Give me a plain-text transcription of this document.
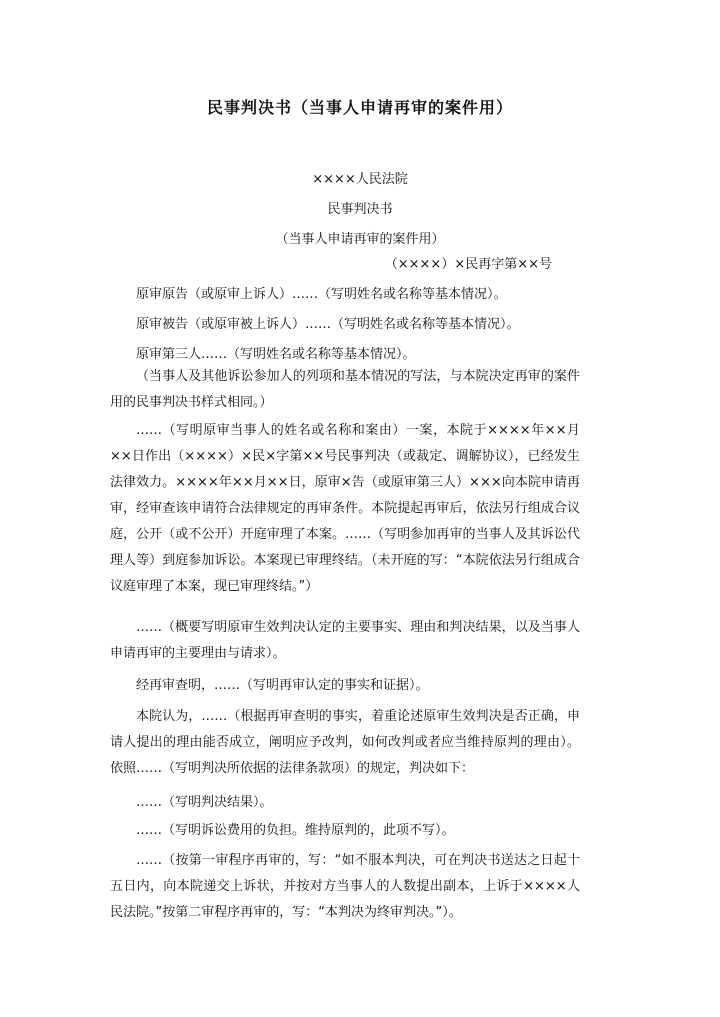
民事判决书（当事人申请再审的案件用）
××××人民法院
民事判决书
（当事人申请再审的案件用）
（××××）×民再字第××号
原审原告（或原审上诉人）……（写明姓名或名称等基本情况）。
原审被告（或原审被上诉人）……（写明姓名或名称等基本情况）。
原审第三人……（写明姓名或名称等基本情况）。
（当事人及其他诉讼参加人的列项和基本情况的写法，与本院决定再审的案件用的民事判决书样式相同。）
……（写明原审当事人的姓名或名称和案由）一案，本院于××××年××月××日作出（××××）×民×字第××号民事判决（或裁定、调解协议），已经发生法律效力。××××年××月××日，原审×告（或原审第三人）×××向本院申请再审，经审查该申请符合法律规定的再审条件。本院提起再审后，依法另行组成合议庭，公开（或不公开）开庭审理了本案。……（写明参加再审的当事人及其诉讼代理人等）到庭参加诉讼。本案现已审理终结。（未开庭的写：“本院依法另行组成合议庭审理了本案，现已审理终结。”）
……（概要写明原审生效判决认定的主要事实、理由和判决结果，以及当事人申请再审的主要理由与请求）。
经再审查明，……（写明再审认定的事实和证据）。
本院认为，……（根据再审查明的事实，着重论述原审生效判决是否正确，申请人提出的理由能否成立，阐明应予改判，如何改判或者应当维持原判的理由）。依照……（写明判决所依据的法律条款项）的规定，判决如下：
……（写明判决结果）。
……（写明诉讼费用的负担。维持原判的，此项不写）。
……（按第一审程序再审的，写：“如不服本判决，可在判决书送达之日起十五日内，向本院递交上诉状，并按对方当事人的人数提出副本，上诉于××××人民法院。”按第二审程序再审的，写：“本判决为终审判决。”）。
